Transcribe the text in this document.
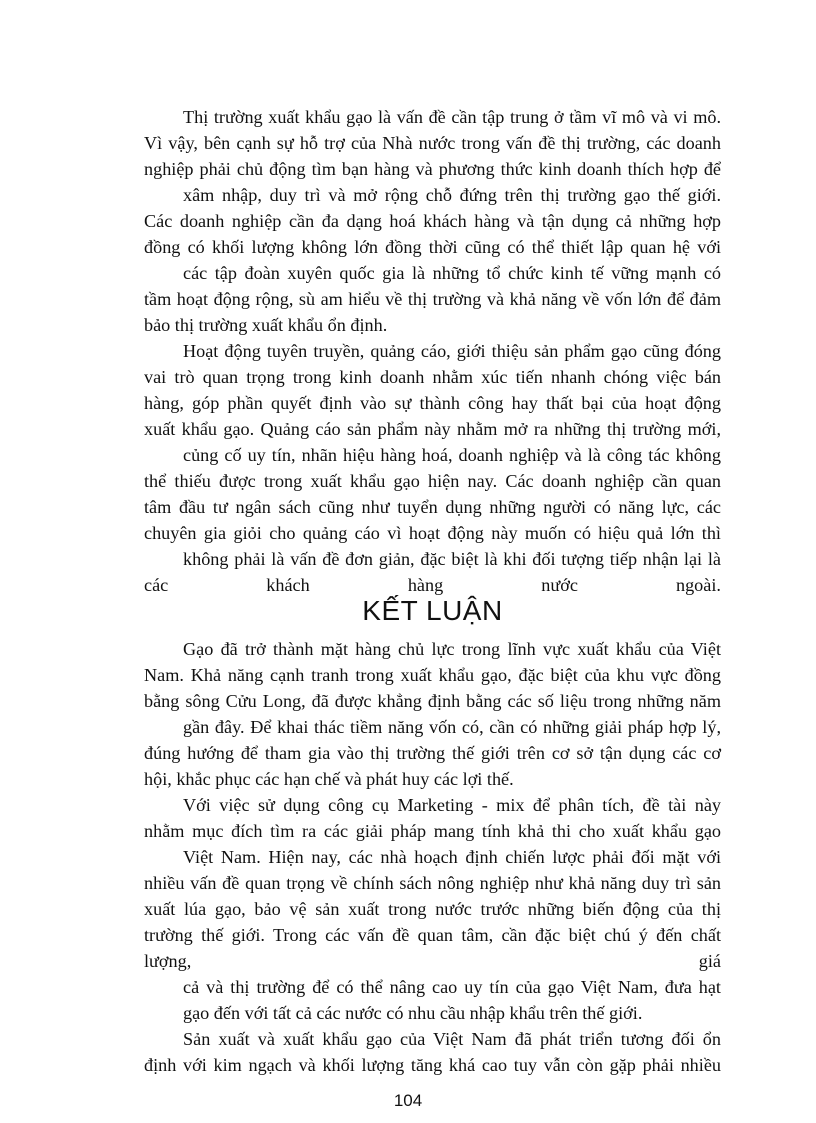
Thị trường xuất khẩu gạo là vấn đề cần tập trung ở tầm vĩ mô và vi mô.
Vì vậy, bên cạnh sự hỗ trợ của Nhà nước trong vấn đề thị trường, các doanh
nghiệp phải chủ động tìm bạn hàng và phương thức kinh doanh thích hợp để
xâm nhập, duy trì và mở rộng chỗ đứng trên thị trường gạo thế giới.
Các doanh nghiệp cần đa dạng hoá khách hàng và tận dụng cả những hợp
đồng có khối lượng không lớn đồng thời cũng có thể thiết lập quan hệ với
các tập đoàn xuyên quốc gia là những tổ chức kinh tế vững mạnh có
tầm hoạt động rộng, sù am hiểu về thị trường và khả năng về vốn lớn để đảm
bảo thị trường xuất khẩu ổn định.
Hoạt động tuyên truyền, quảng cáo, giới thiệu sản phẩm gạo cũng đóng
vai trò quan trọng trong kinh doanh nhằm xúc tiến nhanh chóng việc bán
hàng, góp phần quyết định vào sự thành công hay thất bại của hoạt động
xuất khẩu gạo. Quảng cáo sản phẩm này nhằm mở ra những thị trường mới,
củng cố uy tín, nhãn hiệu hàng hoá, doanh nghiệp và là công tác không
thể thiếu được trong xuất khẩu gạo hiện nay. Các doanh nghiệp cần quan
tâm đầu tư ngân sách cũng như tuyển dụng những người có năng lực, các
chuyên gia giỏi cho quảng cáo vì hoạt động này muốn có hiệu quả lớn thì
không phải là vấn đề đơn giản, đặc biệt là khi đối tượng tiếp nhận lại là
các	khách	hàng	nước	ngoài.
KẾT LUẬN
Gạo đã trở thành mặt hàng chủ lực trong lĩnh vực xuất khẩu của Việt
Nam. Khả năng cạnh tranh trong xuất khẩu gạo, đặc biệt của khu vực đồng
bằng sông Cửu Long, đã được khẳng định bằng các số liệu trong những năm
gần đây. Để khai thác tiềm năng vốn có, cần có những giải pháp hợp lý,
đúng hướng để tham gia vào thị trường thế giới trên cơ sở tận dụng các cơ
hội, khắc phục các hạn chế và phát huy các lợi thế.
Với việc sử dụng công cụ Marketing - mix để phân tích, đề tài này
nhằm mục đích tìm ra các giải pháp mang tính khả thi cho xuất khẩu gạo
Việt Nam. Hiện nay, các nhà hoạch định chiến lược phải đối mặt với
nhiều vấn đề quan trọng về chính sách nông nghiệp như khả năng duy trì sản
xuất lúa gạo, bảo vệ sản xuất trong nước trước những biến động của thị
trường thế giới. Trong các vấn đề quan tâm, cần đặc biệt chú ý đến chất
lượng,	giá
cả và thị trường để có thể nâng cao uy tín của gạo Việt Nam, đưa hạt
gạo đến với tất cả các nước có nhu cầu nhập khẩu trên thế giới.
Sản xuất và xuất khẩu gạo của Việt Nam đã phát triển tương đối ổn
104
định với kim ngạch và khối lượng tăng khá cao tuy vẫn còn gặp phải nhiều
